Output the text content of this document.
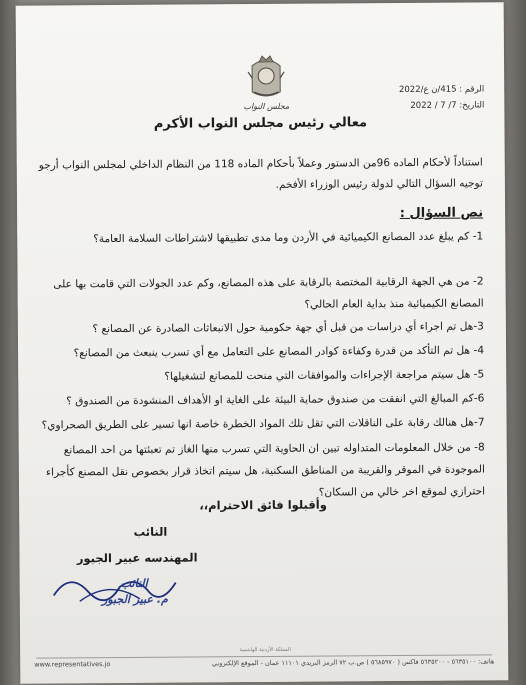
مجلس النواب
الرقم : 415/ن ع/2022
التاريخ: 7/ 7 / 2022
معالي رئيس مجلس النواب الأكرم
استناداً لأحكام الماده 96من الدستور وعملاً بأحكام الماده 118 من النظام الداخلي لمجلس النواب أرجو توجيه السؤال التالي لدولة رئيس الوزراء الأفخم.
نص السؤال :
1- كم يبلغ عدد المصانع الكيميائية في الأردن وما مدى تطبيقها لاشتراطات السلامة العامة؟
2- من هي الجهة الرقابية المختصة بالرقابة على هذه المصانع، وكم عدد الجولات التي قامت بها على المصانع الكيميائية منذ بداية العام الحالي؟
3-هل تم اجراء أي دراسات من قبل أي جهة حكومية حول الانبعاثات الصادرة عن المصانع ؟
4- هل تم التأكد من قدرة وكفاءة كوادر المصانع على التعامل مع أي تسرب ينبعث من المصانع؟
5- هل سيتم مراجعة الإجراءات والموافقات التي منحت للمصانع لتشغيلها؟
6-كم المبالغ التي انفقت من صندوق حماية البيئة على الغاية او الأهداف المنشودة من الصندوق ؟
7-هل هنالك رقابة على الناقلات التي تقل تلك المواد الخطرة خاصة انها تسير على الطريق الصحراوي؟
8- من خلال المعلومات المتداوله تبين ان الحاوية التي تسرب منها الغاز تم تعبئتها من احد المصانع الموجودة في الموقر والقريبة من المناطق السكنية، هل سيتم اتخاذ قرار بخصوص نقل المصنع كأجراء احترازي لموقع اخر خالي من السكان؟
وأقبلوا فائق الاحترام،،
النائب
المهندسه عبير الجبور
النائب
م. عبير الجبور
المملكة الأردنية الهاشمية
www.representatives.jo	هاتف: ٥٦٣٥١٠٠ - ٥٦٣٥٢٠٠ فاكس ( ٥٦٨٥٩٧٠ ) ص.ب ٧٢ الرمز البريدي ١١١٠١ عمان - الموقع الإلكتروني
